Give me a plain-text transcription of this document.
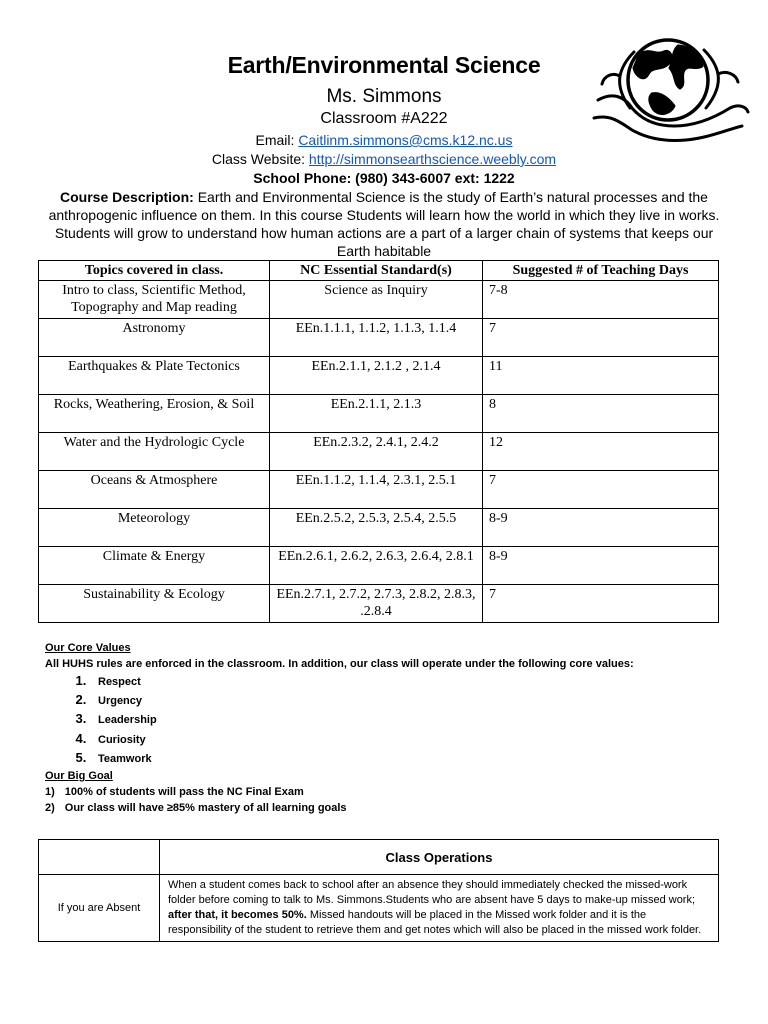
Earth/Environmental Science
Ms. Simmons
Classroom #A222
Email: Caitlinm.simmons@cms.k12.nc.us
Class Website: http://simmonsearthscience.weebly.com
School Phone: (980) 343-6007 ext: 1222
Course Description: Earth and Environmental Science is the study of Earth’s natural processes and the anthropogenic influence on them. In this course Students will learn how the world in which they live in works. Students will grow to understand how human actions are a part of a larger chain of systems that keeps our Earth habitable
Topics covered in class.	NC Essential Standard(s)	Suggested # of Teaching Days
Intro to class, Scientific Method, Topography and Map reading	Science as Inquiry	7-8
Astronomy	EEn.1.1.1, 1.1.2, 1.1.3, 1.1.4	7
Earthquakes & Plate Tectonics	EEn.2.1.1, 2.1.2 , 2.1.4	11
Rocks, Weathering, Erosion, & Soil	EEn.2.1.1, 2.1.3	8
Water and the Hydrologic Cycle	EEn.2.3.2, 2.4.1, 2.4.2	12
Oceans & Atmosphere	EEn.1.1.2, 1.1.4, 2.3.1, 2.5.1	7
Meteorology	EEn.2.5.2, 2.5.3, 2.5.4, 2.5.5	8-9
Climate & Energy	EEn.2.6.1, 2.6.2, 2.6.3, 2.6.4, 2.8.1	8-9
Sustainability & Ecology	EEn.2.7.1, 2.7.2, 2.7.3, 2.8.2, 2.8.3, .2.8.4	7
Our Core Values
All HUHS rules are enforced in the classroom. In addition, our class will operate under the following core values:
1. Respect
2. Urgency
3. Leadership
4. Curiosity
5. Teamwork
Our Big Goal
1) 100% of students will pass the NC Final Exam
2) Our class will have ≥85% mastery of all learning goals
	Class Operations
If you are Absent	When a student comes back to school after an absence they should immediately checked the missed-work folder before coming to talk to Ms. Simmons.Students who are absent have 5 days to make-up missed work; after that, it becomes 50%. Missed handouts will be placed in the Missed work folder and it is the responsibility of the student to retrieve them and get notes which will also be placed in the missed work folder.
